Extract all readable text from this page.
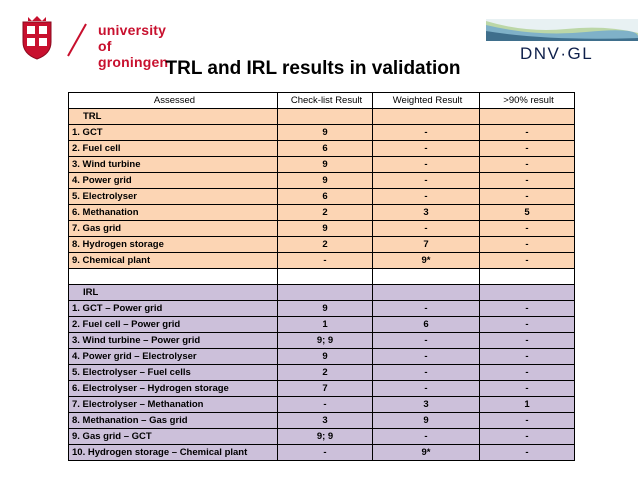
university of
groningen	DNV·GL
TRL and IRL results in validation
Assessed	Check-list Result	Weighted Result	>90% result
TRL			
1. GCT	9	-	-
2. Fuel cell	6	-	-
3. Wind turbine	9	-	-
4. Power grid	9	-	-
5. Electrolyser	6	-	-
6. Methanation	2	3	5
7. Gas grid	9	-	-
8. Hydrogen storage	2	7	-
9. Chemical plant	-	9*	-

IRL			
1. GCT – Power grid	9	-	-
2. Fuel cell – Power grid	1	6	-
3. Wind turbine – Power grid	9; 9	-	-
4. Power grid – Electrolyser	9	-	-
5. Electrolyser – Fuel cells	2	-	-
6. Electrolyser – Hydrogen storage	7	-	-
7. Electrolyser – Methanation	-	3	1
8. Methanation – Gas grid	3	9	-
9. Gas grid – GCT	9; 9	-	-
10. Hydrogen storage – Chemical plant	-	9*	-
